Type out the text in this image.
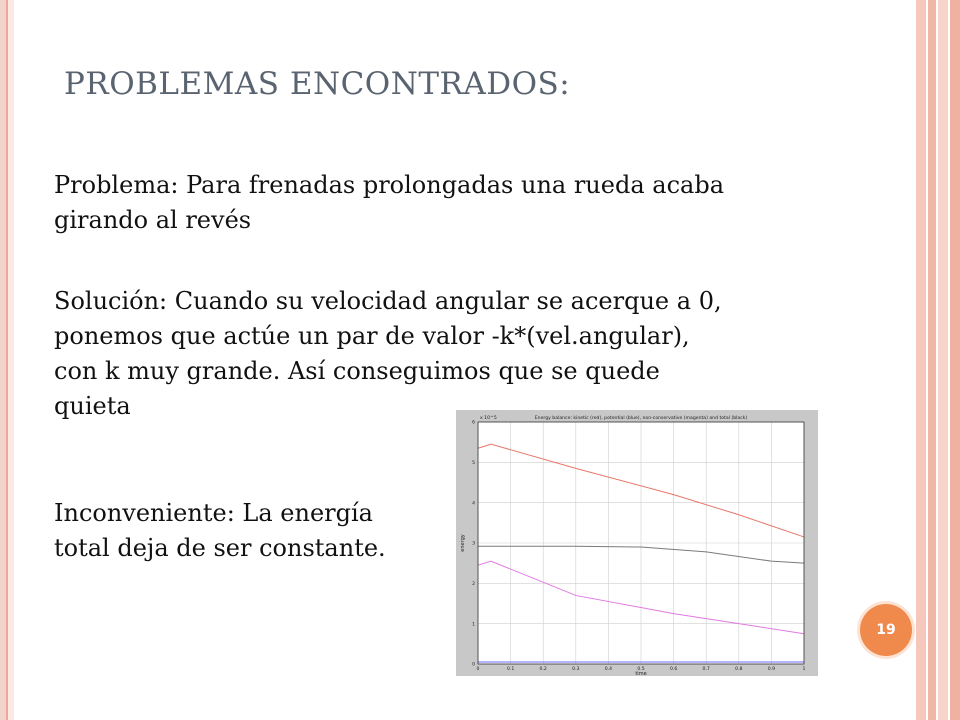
PROBLEMAS ENCONTRADOS:
Problema: Para frenadas prolongadas una rueda acaba
girando al revés
Solución: Cuando su velocidad angular se acerque a 0,
ponemos que actúe un par de valor -k*(vel.angular),
con k muy grande. Así conseguimos que se quede
quieta
Inconveniente: La energía
total deja de ser constante.
0	0.1	0.2	0.3	0.4	0.5	0.6	0.7	0.8	0.9	1
0
1
2
3
4
5
6
Energy balance: kinetic (red), potential (blue), non-conservative (magenta) and total (black)
x 10^5
time
energy
19
